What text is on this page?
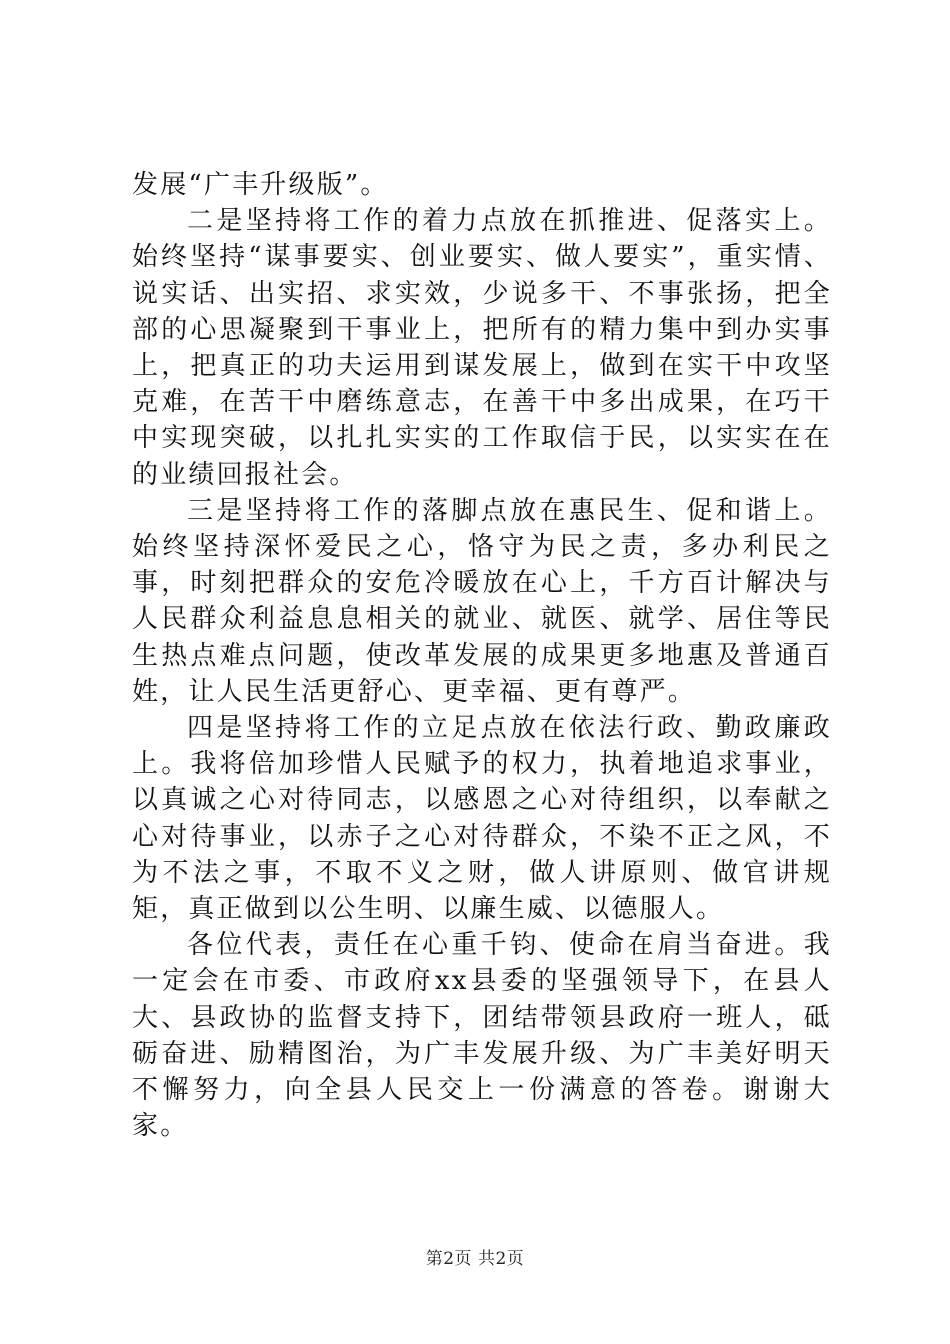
发展“广丰升级版”。

二是坚持将工作的着力点放在抓推进、促落实上。始终坚持“谋事要实、创业要实、做人要实”，重实情、说实话、出实招、求实效，少说多干、不事张扬，把全部的心思凝聚到干事业上，把所有的精力集中到办实事上，把真正的功夫运用到谋发展上，做到在实干中攻坚克难，在苦干中磨练意志，在善干中多出成果，在巧干中实现突破，以扎扎实实的工作取信于民，以实实在在的业绩回报社会。

三是坚持将工作的落脚点放在惠民生、促和谐上。始终坚持深怀爱民之心，恪守为民之责，多办利民之事，时刻把群众的安危冷暖放在心上，千方百计解决与人民群众利益息息相关的就业、就医、就学、居住等民生热点难点问题，使改革发展的成果更多地惠及普通百姓，让人民生活更舒心、更幸福、更有尊严。

四是坚持将工作的立足点放在依法行政、勤政廉政上。我将倍加珍惜人民赋予的权力，执着地追求事业，以真诚之心对待同志，以感恩之心对待组织，以奉献之心对待事业，以赤子之心对待群众，不染不正之风，不为不法之事，不取不义之财，做人讲原则、做官讲规矩，真正做到以公生明、以廉生威、以德服人。

各位代表，责任在心重千钧、使命在肩当奋进。我一定会在市委、市政府xx县委的坚强领导下，在县人大、县政协的监督支持下，团结带领县政府一班人，砥砺奋进、励精图治，为广丰发展升级、为广丰美好明天不懈努力，向全县人民交上一份满意的答卷。谢谢大家。

第2页 共2页
